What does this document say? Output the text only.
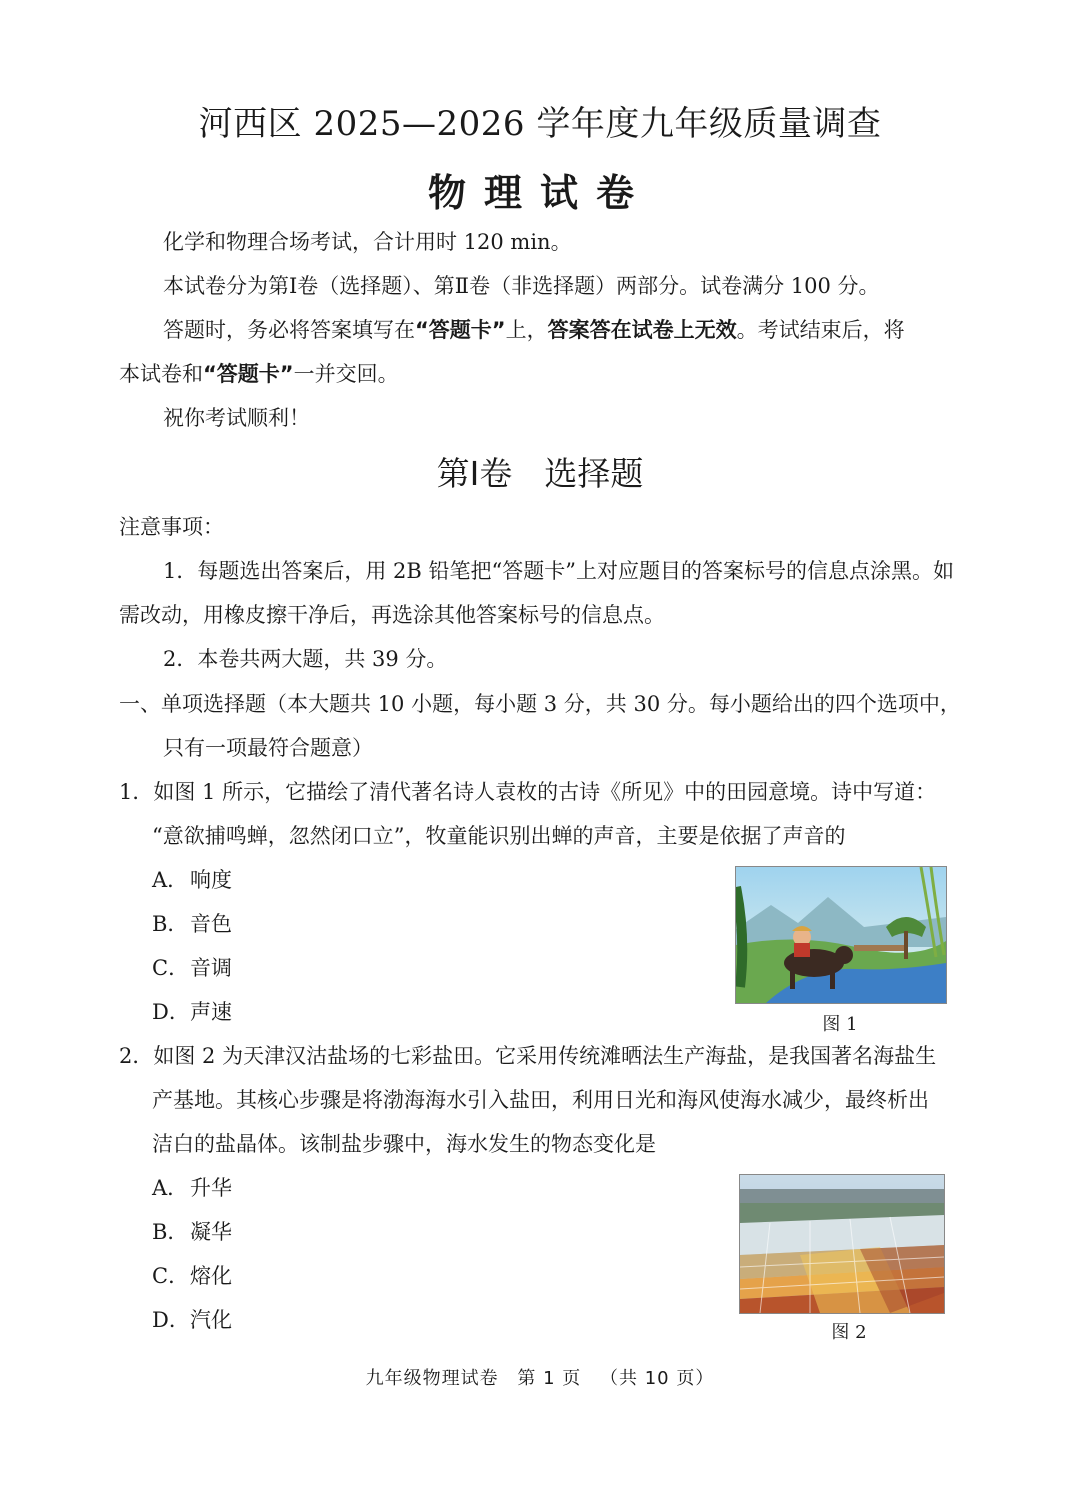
河西区 2025—2026 学年度九年级质量调查
物理试卷
化学和物理合场考试，合计用时 120 min。
本试卷分为第Ⅰ卷（选择题）、第Ⅱ卷（非选择题）两部分。试卷满分 100 分。
答题时，务必将答案填写在“答题卡”上，答案答在试卷上无效。考试结束后，将
本试卷和“答题卡”一并交回。
祝你考试顺利！
第Ⅰ卷 选择题
注意事项：
1．每题选出答案后，用 2B 铅笔把“答题卡”上对应题目的答案标号的信息点涂黑。如
需改动，用橡皮擦干净后，再选涂其他答案标号的信息点。
2．本卷共两大题，共 39 分。
一、单项选择题（本大题共 10 小题，每小题 3 分，共 30 分。每小题给出的四个选项中，
只有一项最符合题意）
1．如图 1 所示，它描绘了清代著名诗人袁枚的古诗《所见》中的田园意境。诗中写道：
“意欲捕鸣蝉，忽然闭口立”，牧童能识别出蝉的声音，主要是依据了声音的
A．响度
B．音色
C．音调
D．声速
图 1
2．如图 2 为天津汉沽盐场的七彩盐田。它采用传统滩晒法生产海盐，是我国著名海盐生
产基地。其核心步骤是将渤海海水引入盐田，利用日光和海风使海水减少，最终析出
洁白的盐晶体。该制盐步骤中，海水发生的物态变化是
A．升华
B．凝华
C．熔化
D．汽化
图 2
九年级物理试卷 第 1 页 （共 10 页）
